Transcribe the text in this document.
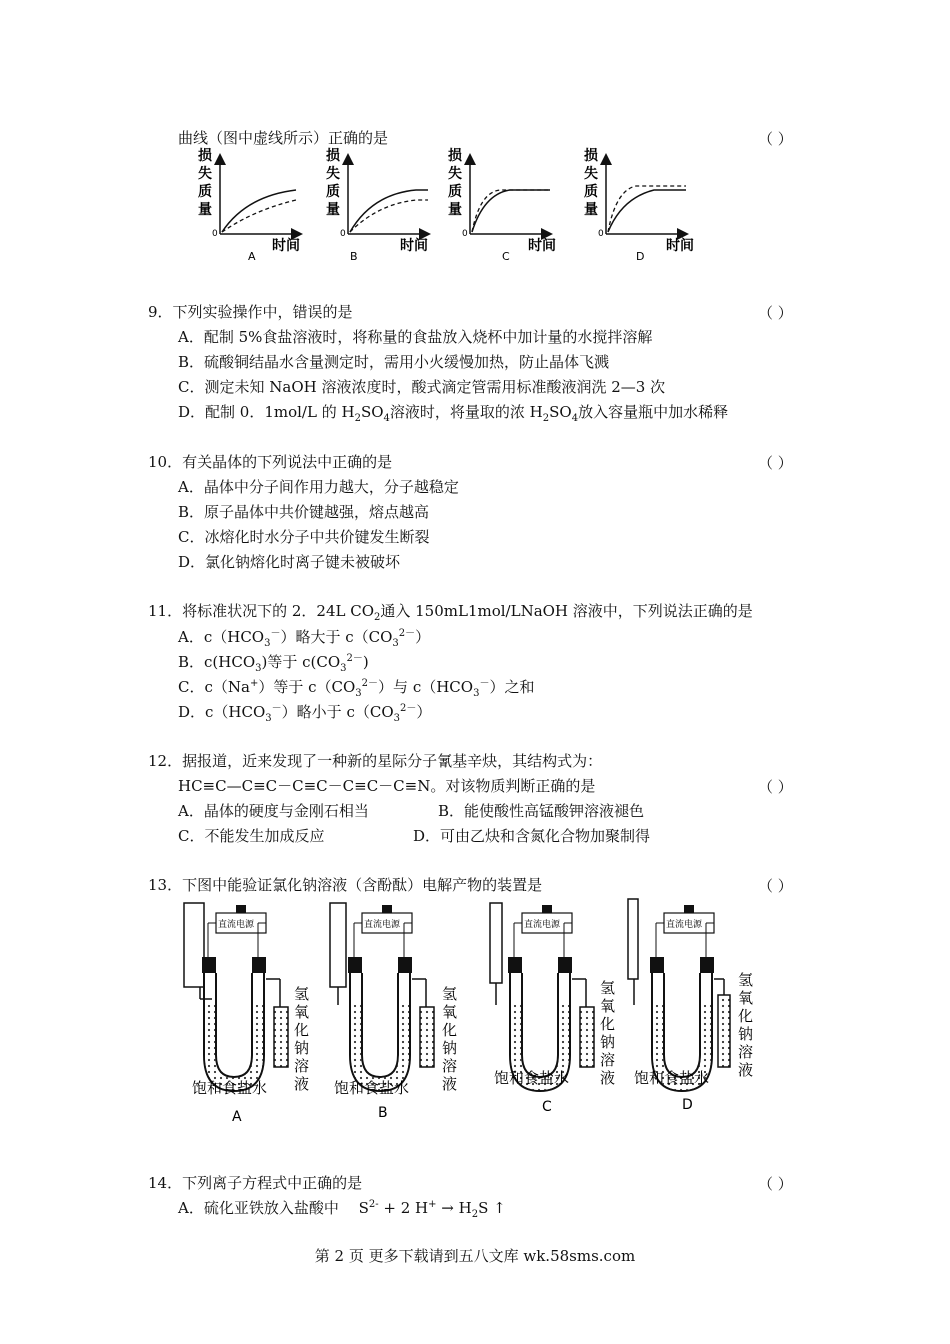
曲线（图中虚线所示）正确的是	（ ）
损
失
质
量
0
时间
A
损
失
质
量
0
时间
B
损
失
质
量
0
时间
C
损
失
质
量
0
时间
D
9．下列实验操作中，错误的是	（ ）
A．配制 5%食盐溶液时，将称量的食盐放入烧杯中加计量的水搅拌溶解
B．硫酸铜结晶水含量测定时，需用小火缓慢加热，防止晶体飞溅
C．测定未知 NaOH 溶液浓度时，酸式滴定管需用标准酸液润洗 2—3 次
D．配制 0．1mol/L 的 $H_2SO_4$溶液时，将量取的浓 $H_2SO_4$放入容量瓶中加水稀释
10．有关晶体的下列说法中正确的是	（ ）
A．晶体中分子间作用力越大，分子越稳定
B．原子晶体中共价键越强，熔点越高
C．冰熔化时水分子中共价键发生断裂
D．氯化钠熔化时离子键未被破坏
11．将标准状况下的 2．24L $CO_2$通入 150mL1mol/LNaOH 溶液中，下列说法正确的是
A．$c(HCO_3^-)$略大于 $c(CO_3^{2-})$
B．$c(HCO_3)$等于 $c(CO_3^{2-})$
C．c（Na+）等于 $c(CO_3^{2-})$与 $c(HCO_3^-)$之和
D．$c(HCO_3^-)$略小于 $c(CO_3^{2-})$
12．据报道，近来发现了一种新的星际分子氰基辛炔，其结构式为：
HC≡C—C≡C－C≡C－C≡C－C≡N。对该物质判断正确的是	（ ）
A．晶体的硬度与金刚石相当	B．能使酸性高锰酸钾溶液褪色
C．不能发生加成反应	D．可由乙炔和含氮化合物加聚制得
13．下图中能验证氯化钠溶液（含酚酞）电解产物的装置是	（ ）
直流电源
氢
氧
化
钠
溶
液
饱和食盐水
A
直流电源
氢
氧
化
钠
溶
液
饱和食盐水
B
直流电源
氢
氧
化
钠
溶
液
饱和食盐水
C
直流电源
氢
氧
化
钠
溶
液
饱和食盐水
D
14．下列离子方程式中正确的是	（ ）
A．硫化亚铁放入盐酸中　 $S^{2-} + 2$ $H^+ \to H_2S$ ↑
第 2 页 更多下载请到五八文库 wk.58sms.com
